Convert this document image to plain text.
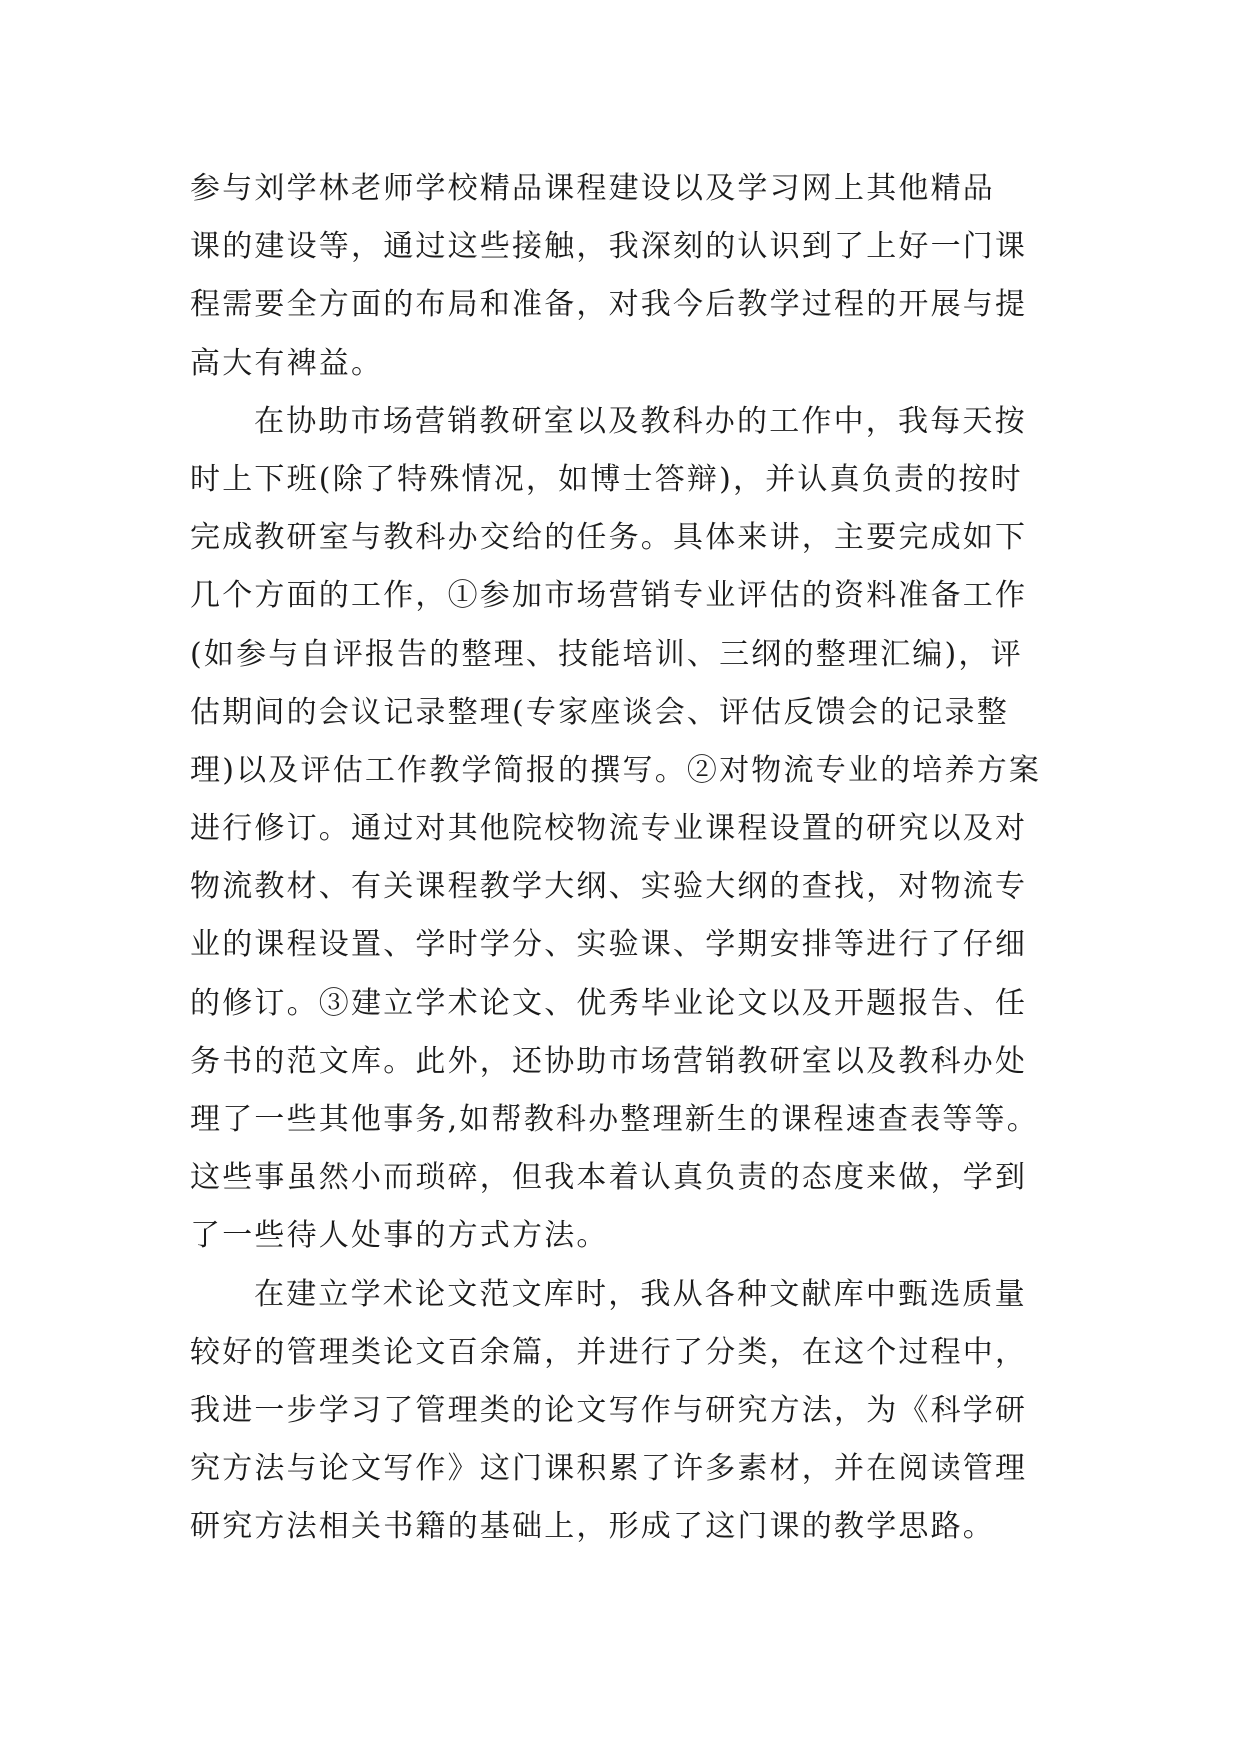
参与刘学林老师学校精品课程建设以及学习网上其他精品
课的建设等，通过这些接触，我深刻的认识到了上好一门课
程需要全方面的布局和准备，对我今后教学过程的开展与提
高大有裨益。

在协助市场营销教研室以及教科办的工作中，我每天按
时上下班(除了特殊情况，如博士答辩)，并认真负责的按时
完成教研室与教科办交给的任务。具体来讲，主要完成如下
几个方面的工作，①参加市场营销专业评估的资料准备工作
(如参与自评报告的整理、技能培训、三纲的整理汇编)，评
估期间的会议记录整理(专家座谈会、评估反馈会的记录整
理)以及评估工作教学简报的撰写。②对物流专业的培养方案
进行修订。通过对其他院校物流专业课程设置的研究以及对
物流教材、有关课程教学大纲、实验大纲的查找，对物流专
业的课程设置、学时学分、实验课、学期安排等进行了仔细
的修订。③建立学术论文、优秀毕业论文以及开题报告、任
务书的范文库。此外，还协助市场营销教研室以及教科办处
理了一些其他事务,如帮教科办整理新生的课程速查表等等。
这些事虽然小而琐碎，但我本着认真负责的态度来做，学到
了一些待人处事的方式方法。

在建立学术论文范文库时，我从各种文献库中甄选质量
较好的管理类论文百余篇，并进行了分类，在这个过程中，
我进一步学习了管理类的论文写作与研究方法，为《科学研
究方法与论文写作》这门课积累了许多素材，并在阅读管理
研究方法相关书籍的基础上，形成了这门课的教学思路。
